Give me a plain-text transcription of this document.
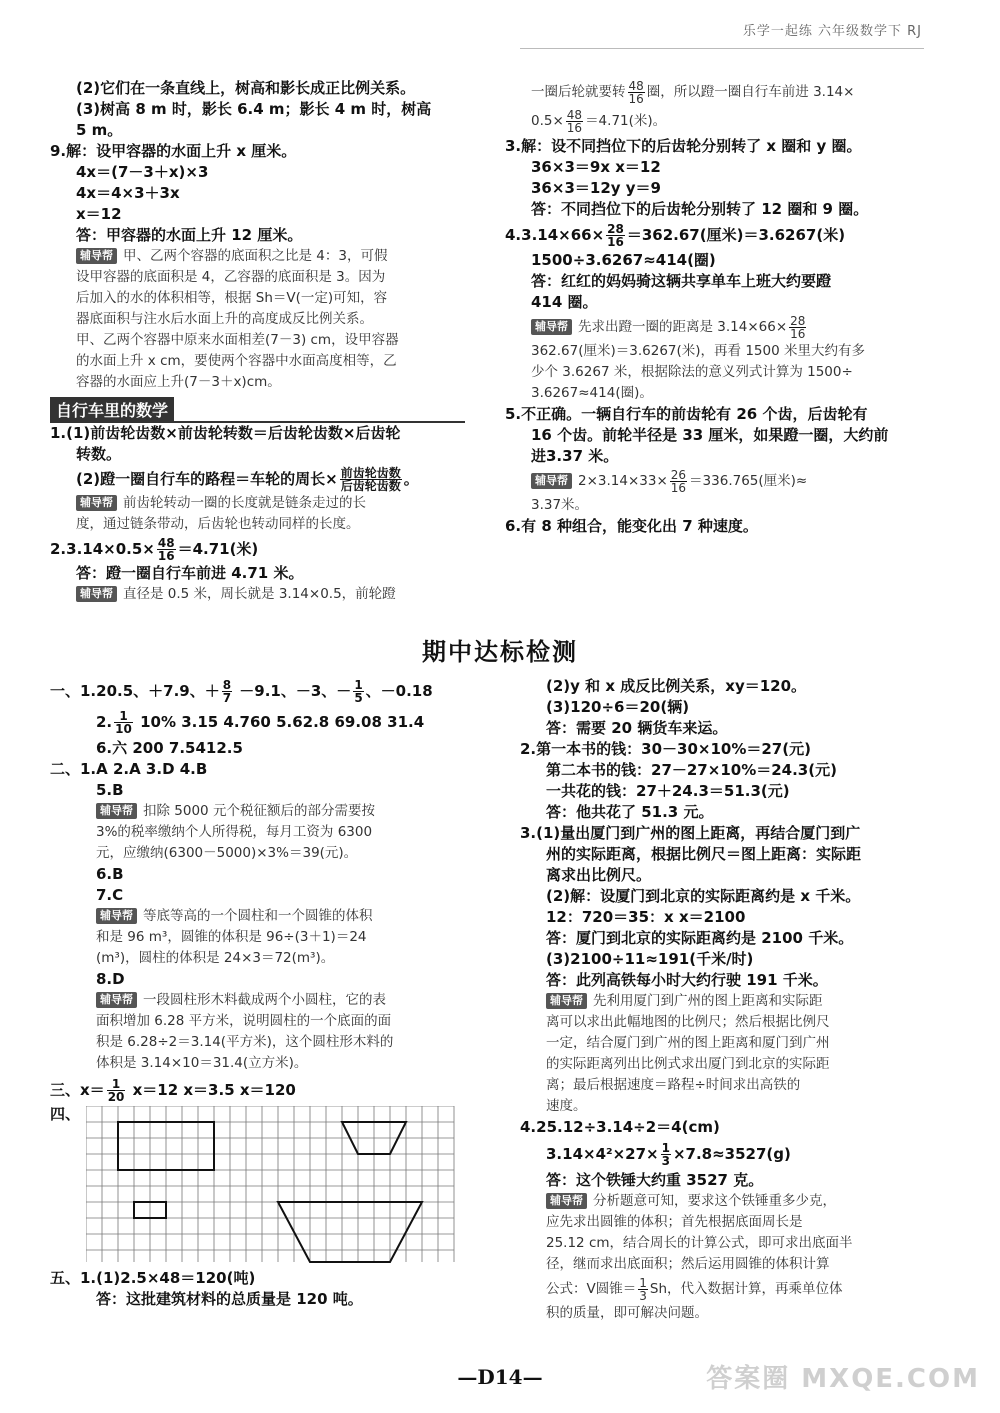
乐学一起练 六年级数学下 RJ
(2)它们在一条直线上，树高和影长成正比例关系。
(3)树高 8 m 时，影长 6.4 m；影长 4 m 时，树高
5 m。
9.解：设甲容器的水面上升 x 厘米。
4x＝(7－3＋x)×3
4x＝4×3＋3x
x＝12
答：甲容器的水面上升 12 厘米。
辅导帮 甲、乙两个容器的底面积之比是 4：3，可假
设甲容器的底面积是 4，乙容器的底面积是 3。因为
后加入的水的体积相等，根据 Sh＝V(一定)可知，容
器底面积与注水后水面上升的高度成反比例关系。
甲、乙两个容器中原来水面相差(7－3) cm，设甲容器
的水面上升 x cm，要使两个容器中水面高度相等，乙
容器的水面应上升(7－3＋x)cm。
自行车里的数学
1.(1)前齿轮齿数×前齿轮转数＝后齿轮齿数×后齿轮
转数。
(2)蹬一圈自行车的路程＝车轮的周长× $\frac{\text{前齿轮齿数}}{\text{后齿轮齿数}}$ 。
辅导帮 前齿轮转动一圈的长度就是链条走过的长
度，通过链条带动，后齿轮也转动同样的长度。
$2.3.14\times 0.5\times \frac{48}{16} =4.71$(米)
答：蹬一圈自行车前进 4.71 米。
辅导帮 直径是 0.5 米，周长就是 3.14×0.5，前轮蹬
一圈后轮就要转 $\frac{48}{16}$ 圈，所以蹬一圈自行车前进 3.14×
$0.5\times \frac{48}{16} =4.71$(米)。
3.解：设不同挡位下的后齿轮分别转了 x 圈和 y 圈。
36×3＝9x x＝12
36×3＝12y y＝9
答：不同挡位下的后齿轮分别转了 12 圈和 9 圈。
$4.3.14\times 66\times \frac{28}{16} =362.67$(厘米)＝3.6267(米)
1500÷3.6267≈414(圈)
答：红红的妈妈骑这辆共享单车上班大约要蹬
414 圈。
辅导帮 先求出蹬一圈的距离是 $3.14\times 66\times \frac{28}{16}$
362.67(厘米)＝3.6267(米)，再看 1500 米里大约有多
少个 3.6267 米，根据除法的意义列式计算为 1500÷
3.6267≈414(圈)。
5.不正确。一辆自行车的前齿轮有 26 个齿，后齿轮有
16 个齿。前轮半径是 33 厘米，如果蹬一圈，大约前
进3.37 米。
辅导帮 $2\times 3.14\times 33\times \frac{26}{16} =336.765$(厘米)≈
3.37米。
6.有 8 种组合，能变化出 7 种速度。
期中达标检测
一、1.20.5、＋7.9、＋ $\frac{8}{7} -9.1$、－3、－ $\frac{1}{5}$ 、－0.18
2. $\frac{1}{10} 10\%$ 3.15 4.760 5.62.8 69.08 31.4
6.六 200 7.5412.5
二、1.A 2.A 3.D 4.B
5.B
辅导帮 扣除 5000 元个税征额后的部分需要按
3%的税率缴纳个人所得税，每月工资为 6300
元，应缴纳(6300－5000)×3%＝39(元)。
6.B
7.C
辅导帮 等底等高的一个圆柱和一个圆锥的体积
和是 96 m³，圆锥的体积是 96÷(3＋1)＝24
(m³)，圆柱的体积是 24×3＝72(m³)。
8.D
辅导帮 一段圆柱形木料截成两个小圆柱，它的表
面积增加 6.28 平方米，说明圆柱的一个底面的面
积是 6.28÷2＝3.14(平方米)，这个圆柱形木料的
体积是 3.14×10＝31.4(立方米)。
三、$x= \frac{1}{20} x=12$ x＝3.5 x＝120
四、
五、1.(1)2.5×48＝120(吨)
答：这批建筑材料的总质量是 120 吨。
(2)y 和 x 成反比例关系，xy＝120。
(3)120÷6＝20(辆)
答：需要 20 辆货车来运。
2.第一本书的钱：30－30×10%＝27(元)
第二本书的钱：27－27×10%＝24.3(元)
一共花的钱：27＋24.3＝51.3(元)
答：他共花了 51.3 元。
3.(1)量出厦门到广州的图上距离，再结合厦门到广
州的实际距离，根据比例尺＝图上距离：实际距
离求出比例尺。
(2)解：设厦门到北京的实际距离约是 x 千米。
12：720＝35：x x＝2100
答：厦门到北京的实际距离约是 2100 千米。
(3)2100÷11≈191(千米/时)
答：此列高铁每小时大约行驶 191 千米。
辅导帮 先利用厦门到广州的图上距离和实际距
离可以求出此幅地图的比例尺；然后根据比例尺
一定，结合厦门到广州的图上距离和厦门到广州
的实际距离列出比例式求出厦门到北京的实际距
离；最后根据速度＝路程÷时间求出高铁的
速度。
4.25.12÷3.14÷2＝4(cm)
$3.14\times 4^2\times 27\times \frac{1}{3} \times 7.8\approx 3527(g)$
答：这个铁锤大约重 3527 克。
辅导帮 分析题意可知，要求这个铁锤重多少克，
应先求出圆锥的体积；首先根据底面周长是
25.12 cm，结合周长的计算公式，即可求出底面半
径，继而求出底面积；然后运用圆锥的体积计算
公式：V圆锥＝ $\frac{1}{3}$ Sh，代入数据计算，再乘单位体
积的质量，即可解决问题。
—D14—	答案圈 MXQE.COM
